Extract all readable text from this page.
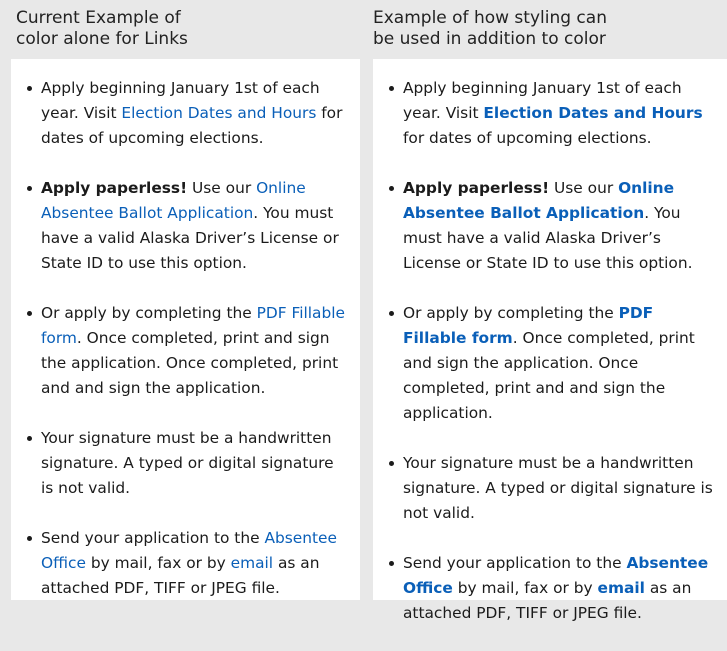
Current Example of
color alone for Links
Apply beginning January 1st of each year. Visit Election Dates and Hours for dates of upcoming elections.
Apply paperless! Use our Online Absentee Ballot Application. You must have a valid Alaska Driver’s License or State ID to use this option.
Or apply by completing the PDF Fillable form. Once completed, print and sign the application. Once completed, print and and sign the application.
Your signature must be a handwritten signature. A typed or digital signature is not valid.
Send your application to the Absentee Office by mail, fax or by email as an attached PDF, TIFF or JPEG file.
Example of how styling can
be used in addition to color
Apply beginning January 1st of each year. Visit Election Dates and Hours for dates of upcoming elections.
Apply paperless! Use our Online Absentee Ballot Application. You must have a valid Alaska Driver’s License or State ID to use this option.
Or apply by completing the PDF Fillable form. Once completed, print and sign the application. Once completed, print and and sign the application.
Your signature must be a handwritten signature. A typed or digital signature is not valid.
Send your application to the Absentee Office by mail, fax or by email as an attached PDF, TIFF or JPEG file.
